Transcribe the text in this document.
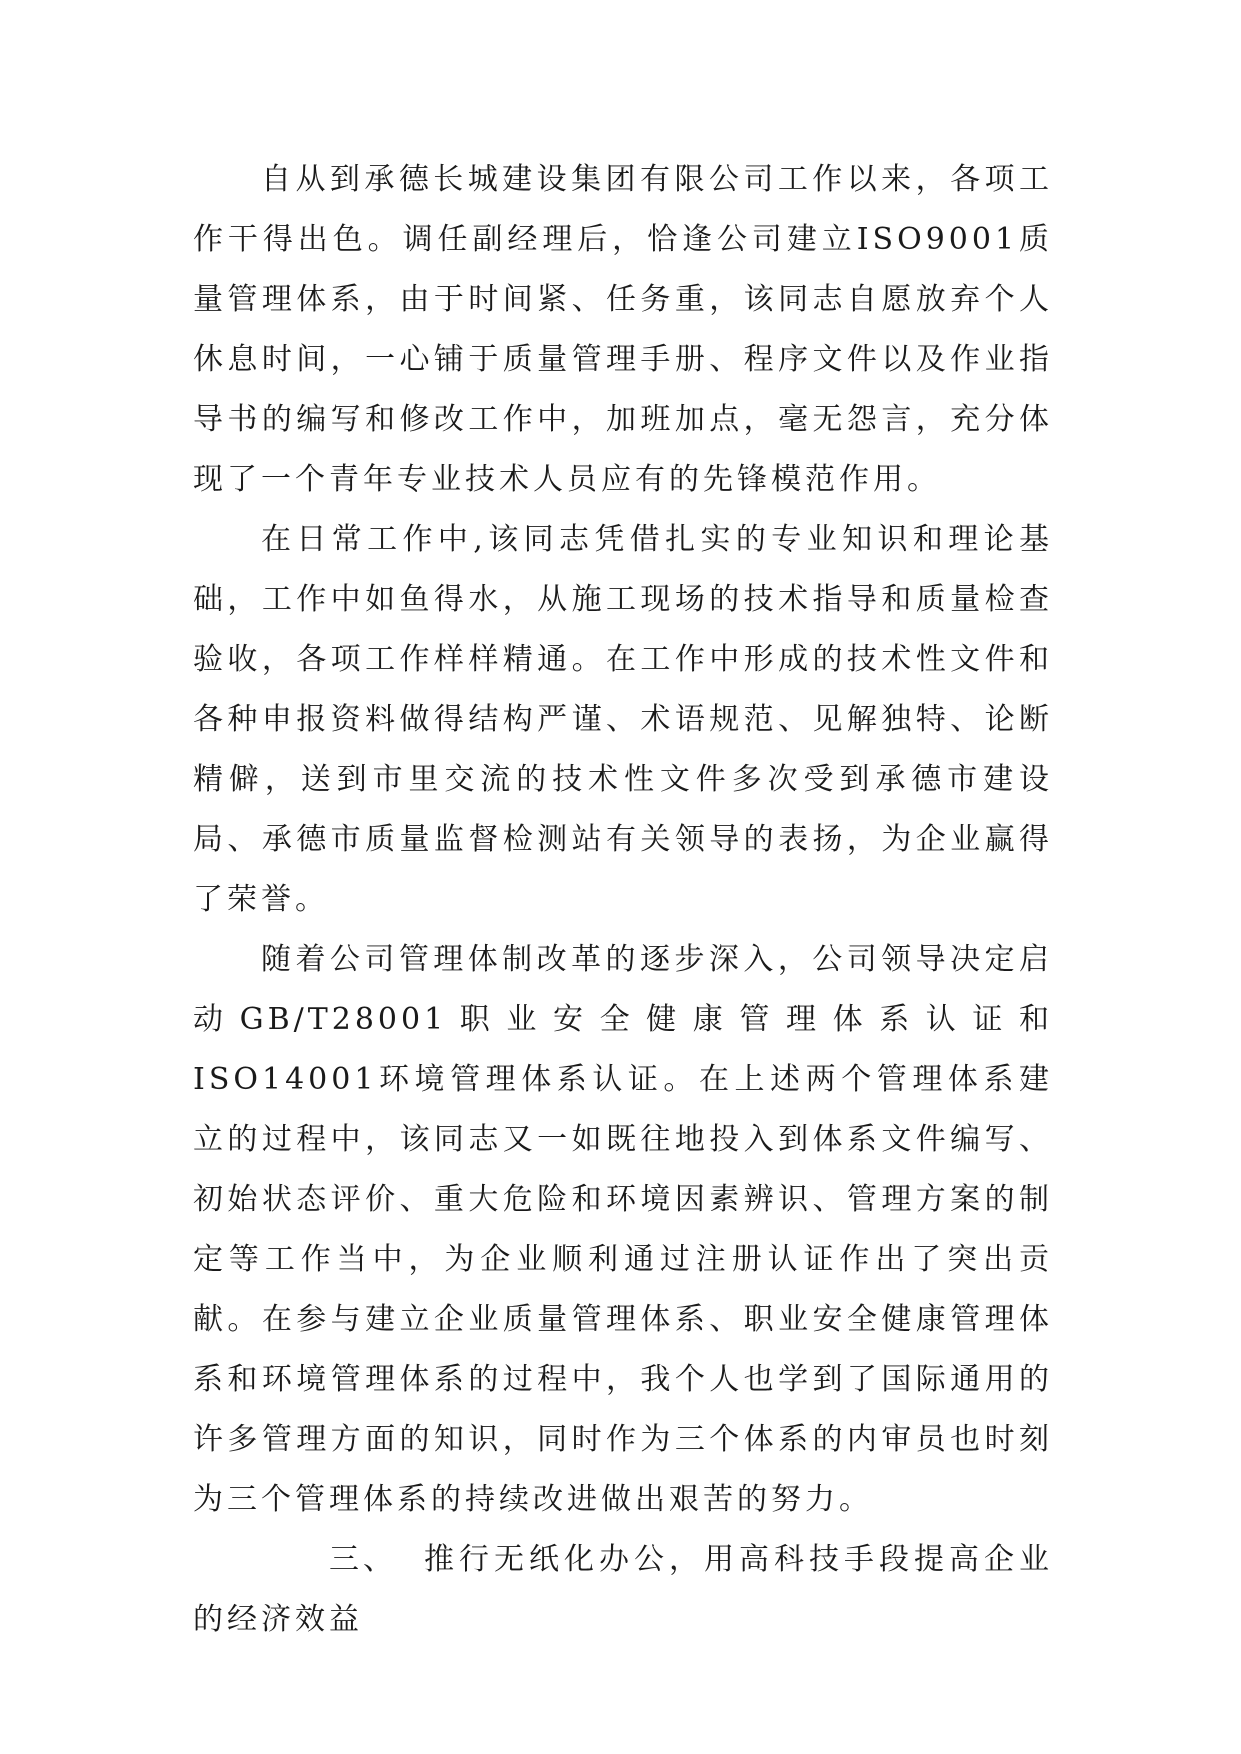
自从到承德长城建设集团有限公司工作以来，各项工作干得出色。调任副经理后，恰逢公司建立ISO9001质量管理体系，由于时间紧、任务重，该同志自愿放弃个人休息时间，一心铺于质量管理手册、程序文件以及作业指导书的编写和修改工作中，加班加点，毫无怨言，充分体现了一个青年专业技术人员应有的先锋模范作用。

在日常工作中,该同志凭借扎实的专业知识和理论基础，工作中如鱼得水，从施工现场的技术指导和质量检查验收，各项工作样样精通。在工作中形成的技术性文件和各种申报资料做得结构严谨、术语规范、见解独特、论断精僻，送到市里交流的技术性文件多次受到承德市建设局、承德市质量监督检测站有关领导的表扬，为企业赢得了荣誉。

随着公司管理体制改革的逐步深入，公司领导决定启动GB/T28001职业安全健康管理体系认证和ISO14001环境管理体系认证。在上述两个管理体系建立的过程中，该同志又一如既往地投入到体系文件编写、初始状态评价、重大危险和环境因素辨识、管理方案的制定等工作当中，为企业顺利通过注册认证作出了突出贡献。在参与建立企业质量管理体系、职业安全健康管理体系和环境管理体系的过程中，我个人也学到了国际通用的许多管理方面的知识，同时作为三个体系的内审员也时刻为三个管理体系的持续改进做出艰苦的努力。

三、 推行无纸化办公，用高科技手段提高企业的经济效益
